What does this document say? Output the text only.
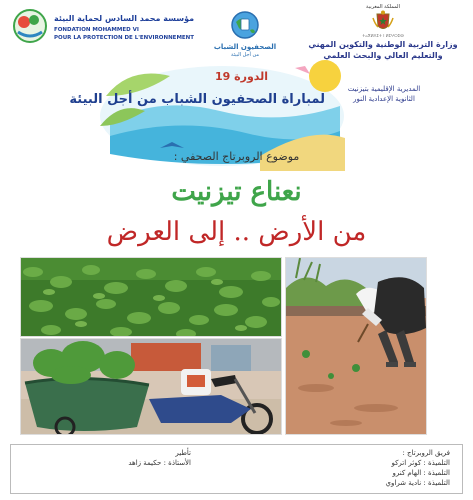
مؤسسة محمد السادس لحماية البيئة
FONDATION MOHAMMED VI
POUR LA PROTECTION DE L'ENVIRONNEMENT
الصحفيون الشباب
من أجل البيئة
المملكة المغربية
ⵜⴰⴳⵍⴷⵉⵜ ⵏ ⵍⵎⵖⵔⵉⴱ
وزارة التربية الوطنية والتكوين المهني
والتعليم العالي والبحث العلمي
المديرية الإقليمية بتيزنيت
الثانوية الإعدادية النور
الدورة 19
لمباراة الصحفيون الشباب من أجل البيئة
موضوع الروبرتاج الصحفي :
نعناع تيزنيت
من الأرض .. إلى العرض
تأطير
الأستاذة : حكيمة زاهد
فريق الروبرتاج :
التلميذة : كوثر اتركو
التلميذة : الهام كنرو
التلميذة : نادية شراوي
